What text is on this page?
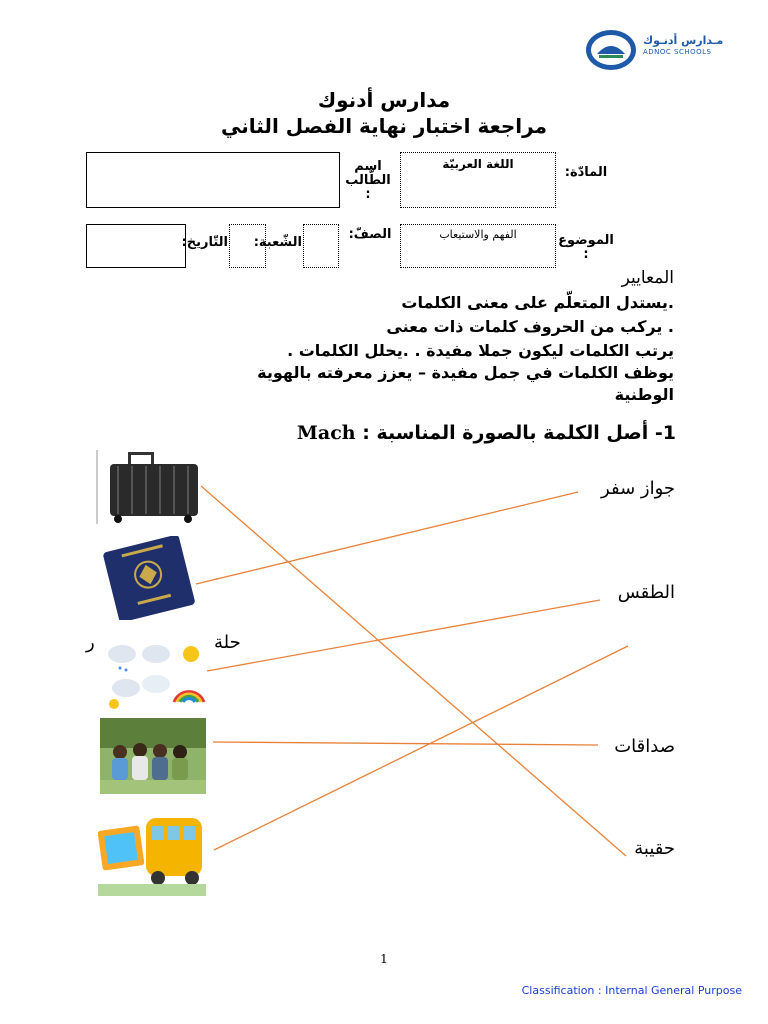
مـدارس أدنـوك
ADNOC SCHOOLS
مدارس أدنوك
مراجعة اختبار نهاية الفصل الثاني
اسم الطّالب :
اللغة العربيّة
المادّة:
التّاريخ: الشّعبة:
الصفّ:	الفهم والاستيعاب	الموضوع :
المعايير
.يستدل المتعلّم على معنى الكلمات
. يركب من الحروف كلمات ذات معنى
يرتب الكلمات ليكون جملا مفيدة . .يحلل الكلمات .
يوظف الكلمات في جمل مفيدة – يعزز معرفته بالهوية
الوطنية
1- أصل الكلمة بالصورة المناسبة : Mach
جواز سفر
الطقس
حلة
ر
صداقات
حقيبة
1
Classification : Internal General Purpose
